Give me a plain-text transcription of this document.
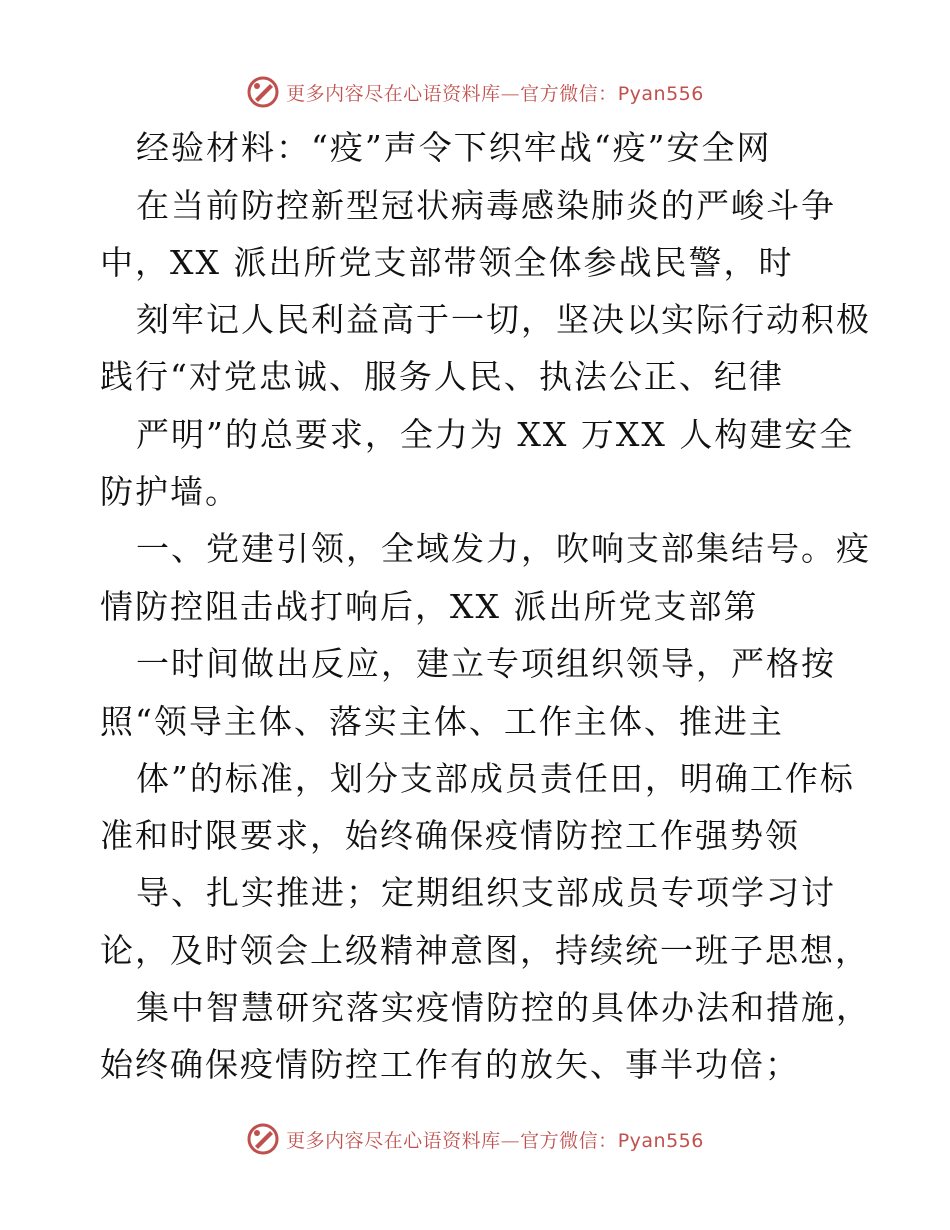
更多内容尽在心语资料库—官方微信：Pyan556
经验材料：“疫”声令下织牢战“疫”安全网
在当前防控新型冠状病毒感染肺炎的严峻斗争
中，XX 派出所党支部带领全体参战民警，时
刻牢记人民利益高于一切，坚决以实际行动积极
践行“对党忠诚、服务人民、执法公正、纪律
严明”的总要求，全力为 XX 万XX 人构建安全
防护墙。
一、党建引领，全域发力，吹响支部集结号。疫
情防控阻击战打响后，XX 派出所党支部第
一时间做出反应，建立专项组织领导，严格按
照“领导主体、落实主体、工作主体、推进主
体”的标准，划分支部成员责任田，明确工作标
准和时限要求，始终确保疫情防控工作强势领
导、扎实推进；定期组织支部成员专项学习讨
论，及时领会上级精神意图，持续统一班子思想，
集中智慧研究落实疫情防控的具体办法和措施，
始终确保疫情防控工作有的放矢、事半功倍；
更多内容尽在心语资料库—官方微信：Pyan556
